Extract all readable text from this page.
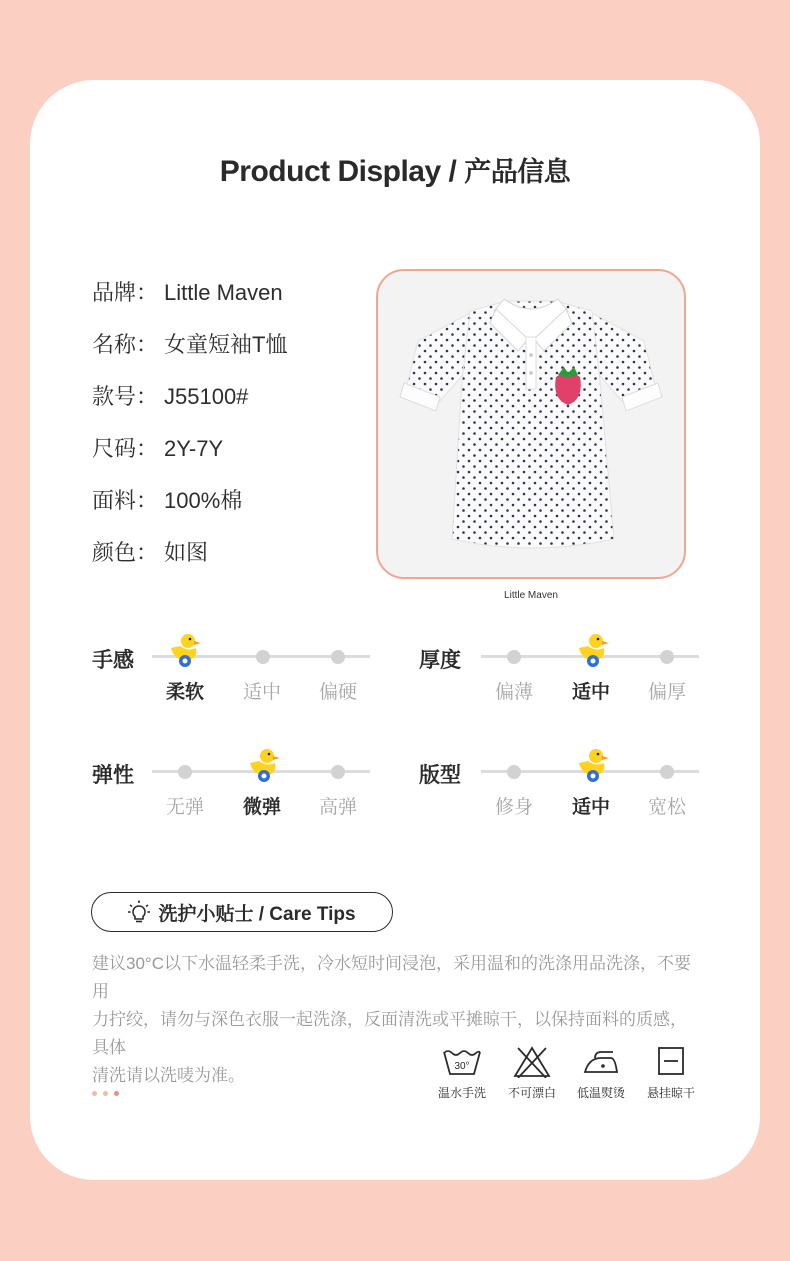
Product Display / 产品信息
品牌： Little Maven
名称： 女童短袖T恤
款号： J55100#
尺码： 2Y-7Y
面料： 100%棉
颜色： 如图
Little Maven
手感
柔软	适中	偏硬
厚度
偏薄	适中	偏厚
弹性
无弹	微弹	高弹
版型
修身	适中	宽松
洗护小贴士 / Care Tips
建议30°C以下水温轻柔手洗，冷水短时间浸泡，采用温和的洗涤用品洗涤，不要用
力拧绞，请勿与深色衣服一起洗涤，反面清洗或平摊晾干，以保持面料的质感，具体
清洗请以洗唛为准。	30°
温水手洗	不可漂白	低温熨烫	悬挂晾干
